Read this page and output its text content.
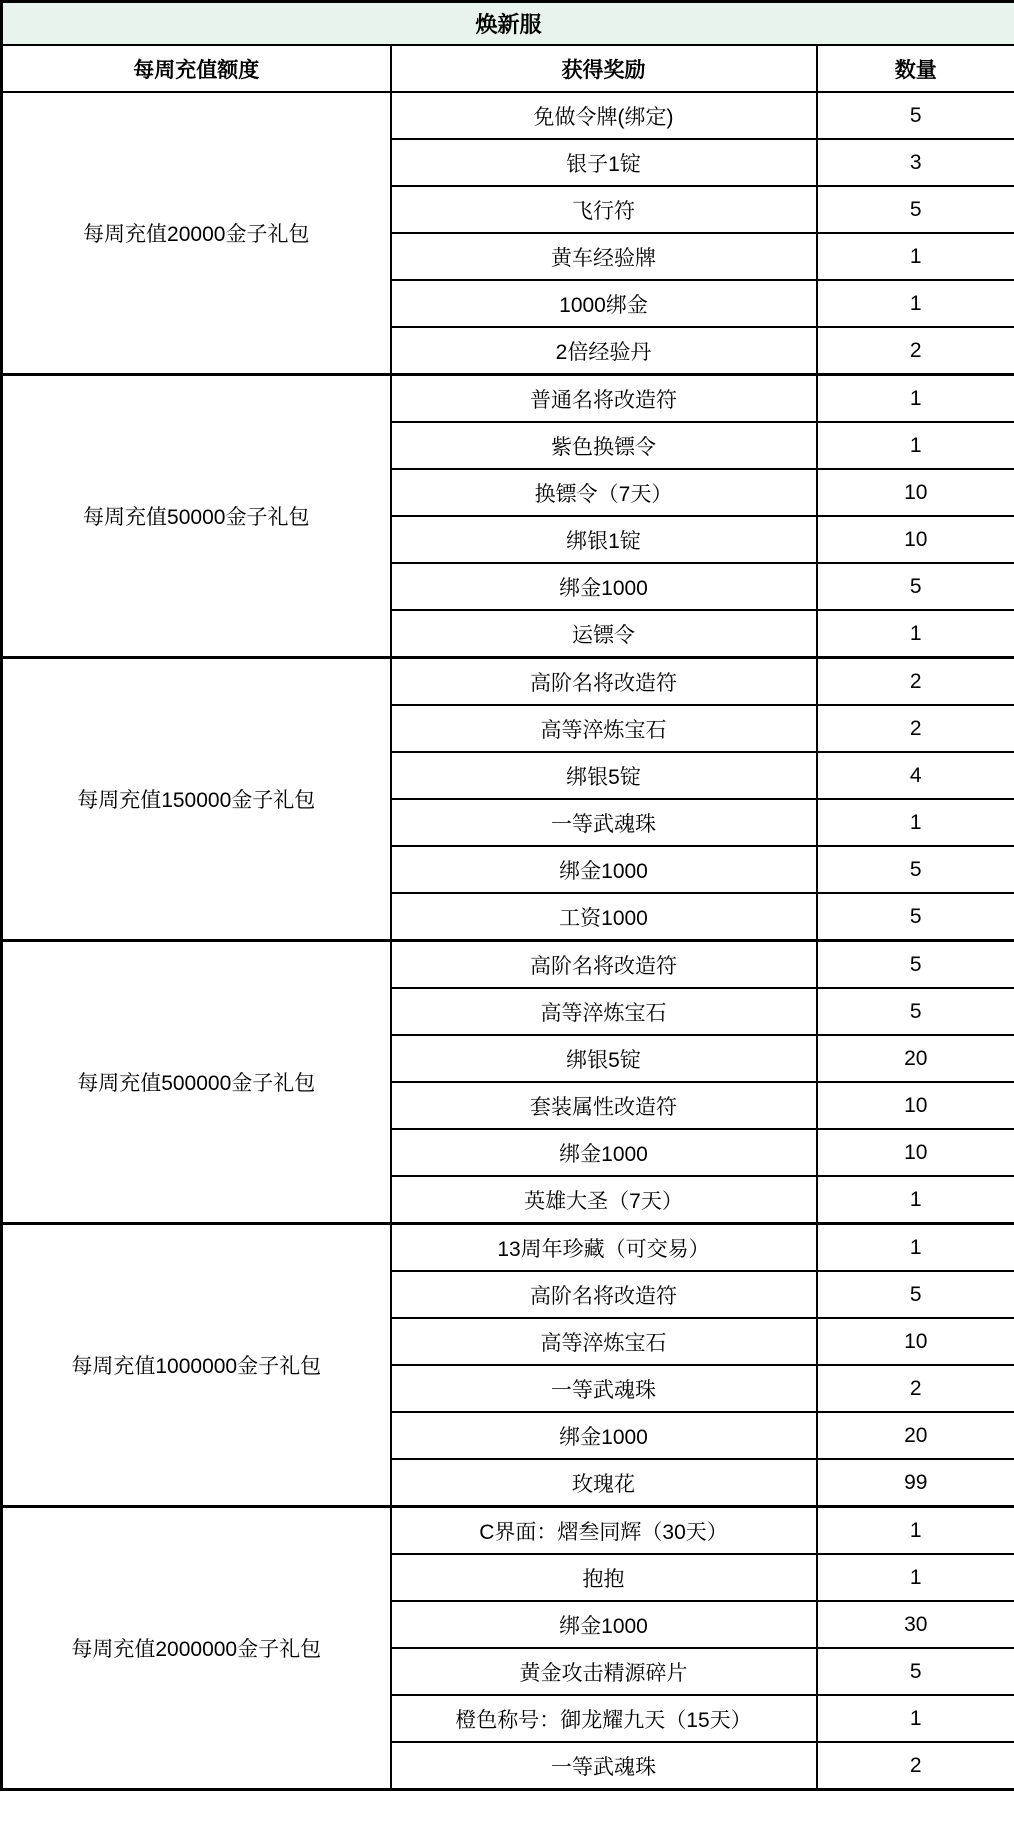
焕新服		
每周充值额度	获得奖励	数量
每周充值20000金子礼包	免做令牌(绑定)	5
	银子1锭	3
	飞行符	5
	黄车经验牌	1
	1000绑金	1
	2倍经验丹	2
每周充值50000金子礼包	普通名将改造符	1
	紫色换镖令	1
	换镖令（7天）	10
	绑银1锭	10
	绑金1000	5
	运镖令	1
每周充值150000金子礼包	高阶名将改造符	2
	高等淬炼宝石	2
	绑银5锭	4
	一等武魂珠	1
	绑金1000	5
	工资1000	5
每周充值500000金子礼包	高阶名将改造符	5
	高等淬炼宝石	5
	绑银5锭	20
	套装属性改造符	10
	绑金1000	10
	英雄大圣（7天）	1
每周充值1000000金子礼包	13周年珍藏（可交易）	1
	高阶名将改造符	5
	高等淬炼宝石	10
	一等武魂珠	2
	绑金1000	20
	玫瑰花	99
每周充值2000000金子礼包	C界面：熠叁同辉（30天）	1
	抱抱	1
	绑金1000	30
	黄金攻击精源碎片	5
	橙色称号：御龙耀九天（15天）	1
	一等武魂珠	2
